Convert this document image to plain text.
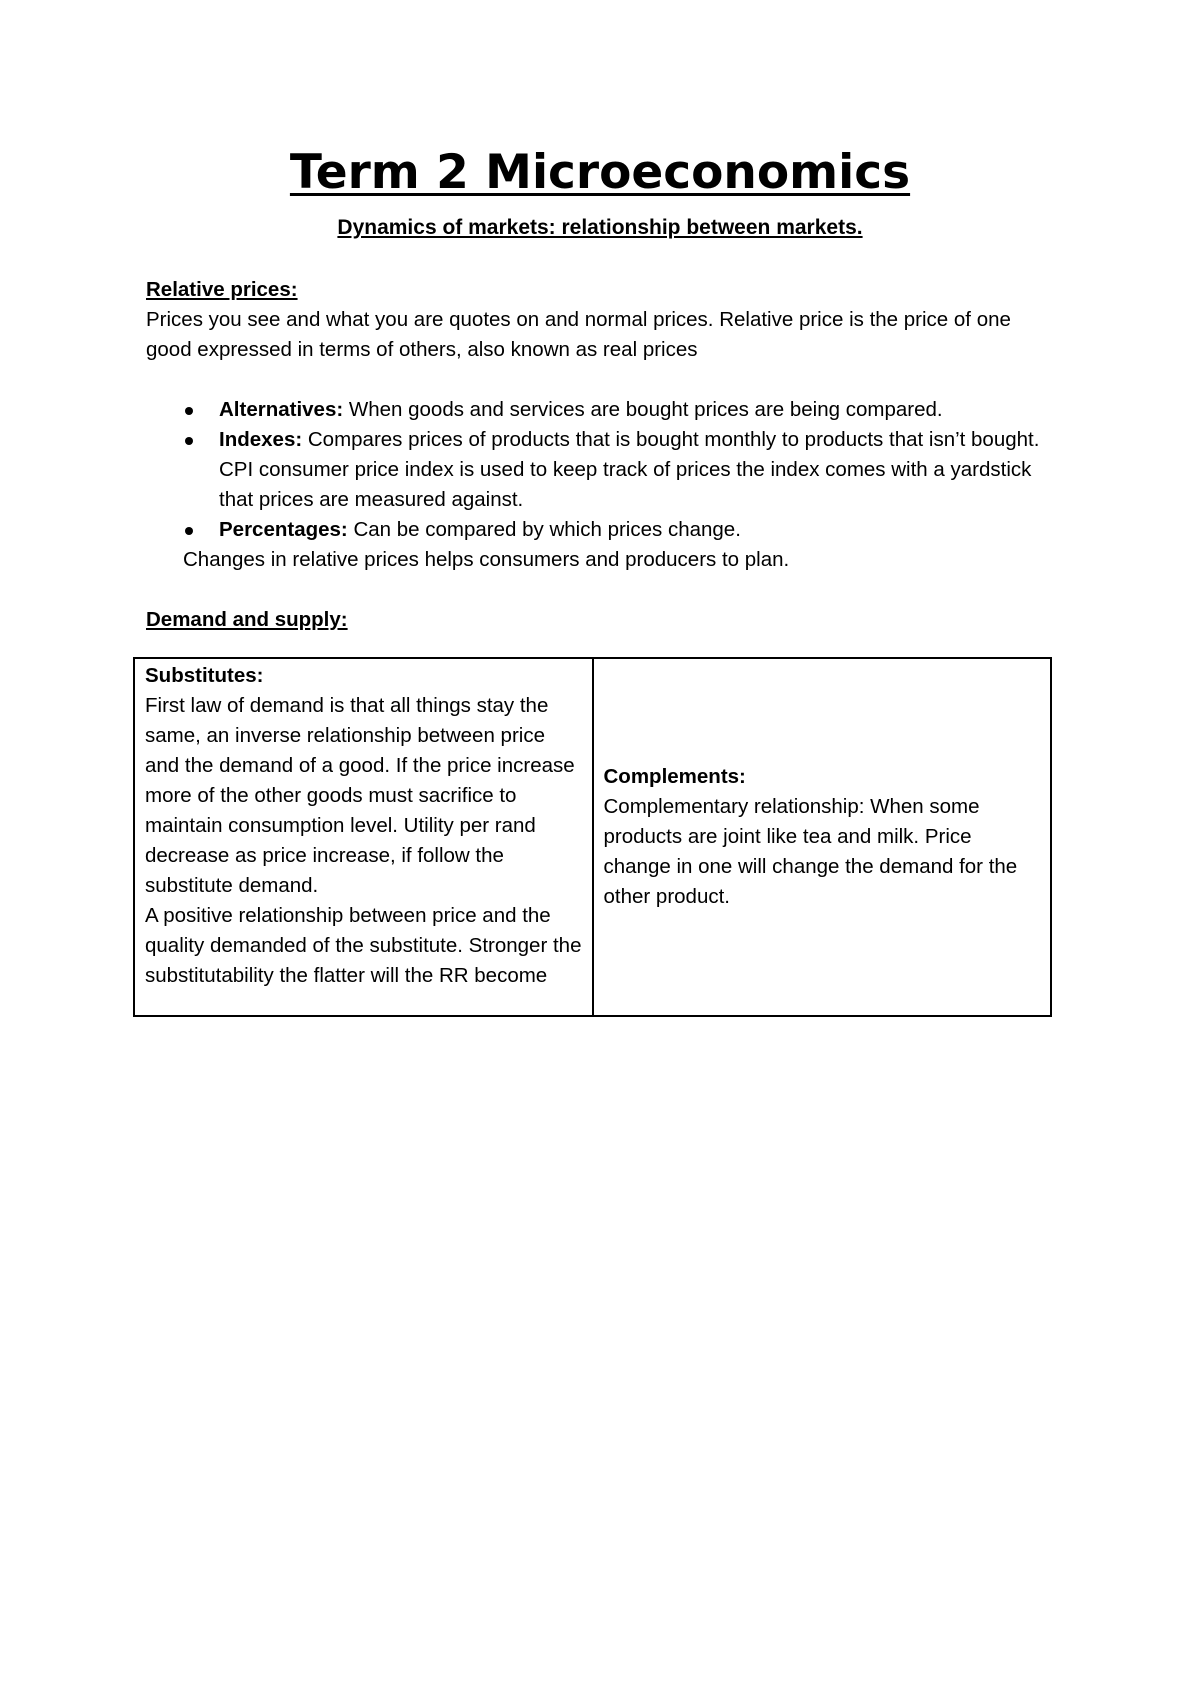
Term 2 Microeconomics
Dynamics of markets: relationship between markets.

Relative prices:

Prices you see and what you are quotes on and normal prices. Relative price is the price of one good expressed in terms of others, also known as real prices

Alternatives: When goods and services are bought prices are being compared.
Indexes: Compares prices of products that is bought monthly to products that isn’t bought. CPI consumer price index is used to keep track of prices the index comes with a yardstick that prices are measured against.
Percentages: Can be compared by which prices change.

Changes in relative prices helps consumers and producers to plan.

Demand and supply:

Substitutes:
First law of demand is that all things stay the same, an inverse relationship between price and the demand of a good. If the price increase more of the other goods must sacrifice to maintain consumption level. Utility per rand decrease as price increase, if follow the substitute demand.
A positive relationship between price and the quality demanded of the substitute. Stronger the substitutability the flatter will the RR become

Complements:
Complementary relationship: When some products are joint like tea and milk. Price change in one will change the demand for the other product.
